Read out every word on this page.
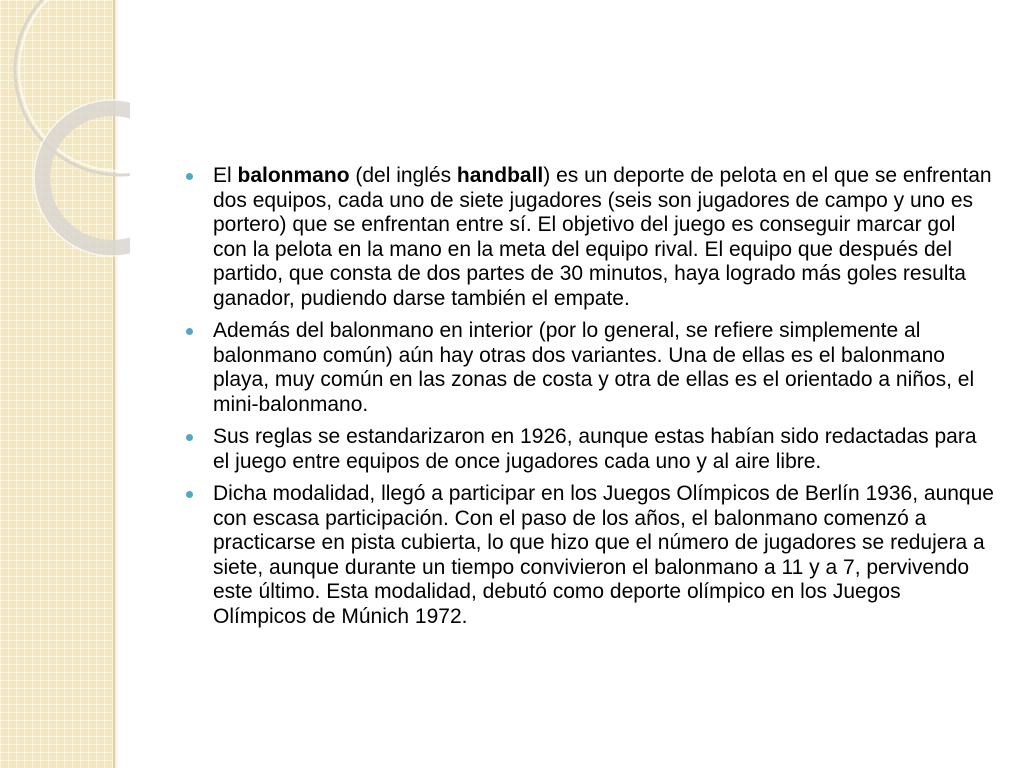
El balonmano (del inglés handball) es un deporte de pelota en el que se enfrentan dos equipos, cada uno de siete jugadores (seis son jugadores de campo y uno es portero) que se enfrentan entre sí. El objetivo del juego es conseguir marcar gol con la pelota en la mano en la meta del equipo rival. El equipo que después del partido, que consta de dos partes de 30 minutos, haya logrado más goles resulta ganador, pudiendo darse también el empate.
Además del balonmano en interior (por lo general, se refiere simplemente al balonmano común) aún hay otras dos variantes. Una de ellas es el balonmano playa, muy común en las zonas de costa y otra de ellas es el orientado a niños, el mini-balonmano.
Sus reglas se estandarizaron en 1926, aunque estas habían sido redactadas para el juego entre equipos de once jugadores cada uno y al aire libre.
Dicha modalidad, llegó a participar en los Juegos Olímpicos de Berlín 1936, aunque con escasa participación. Con el paso de los años, el balonmano comenzó a practicarse en pista cubierta, lo que hizo que el número de jugadores se redujera a siete, aunque durante un tiempo convivieron el balonmano a 11 y a 7, pervivendo este último. Esta modalidad, debutó como deporte olímpico en los Juegos Olímpicos de Múnich 1972.
